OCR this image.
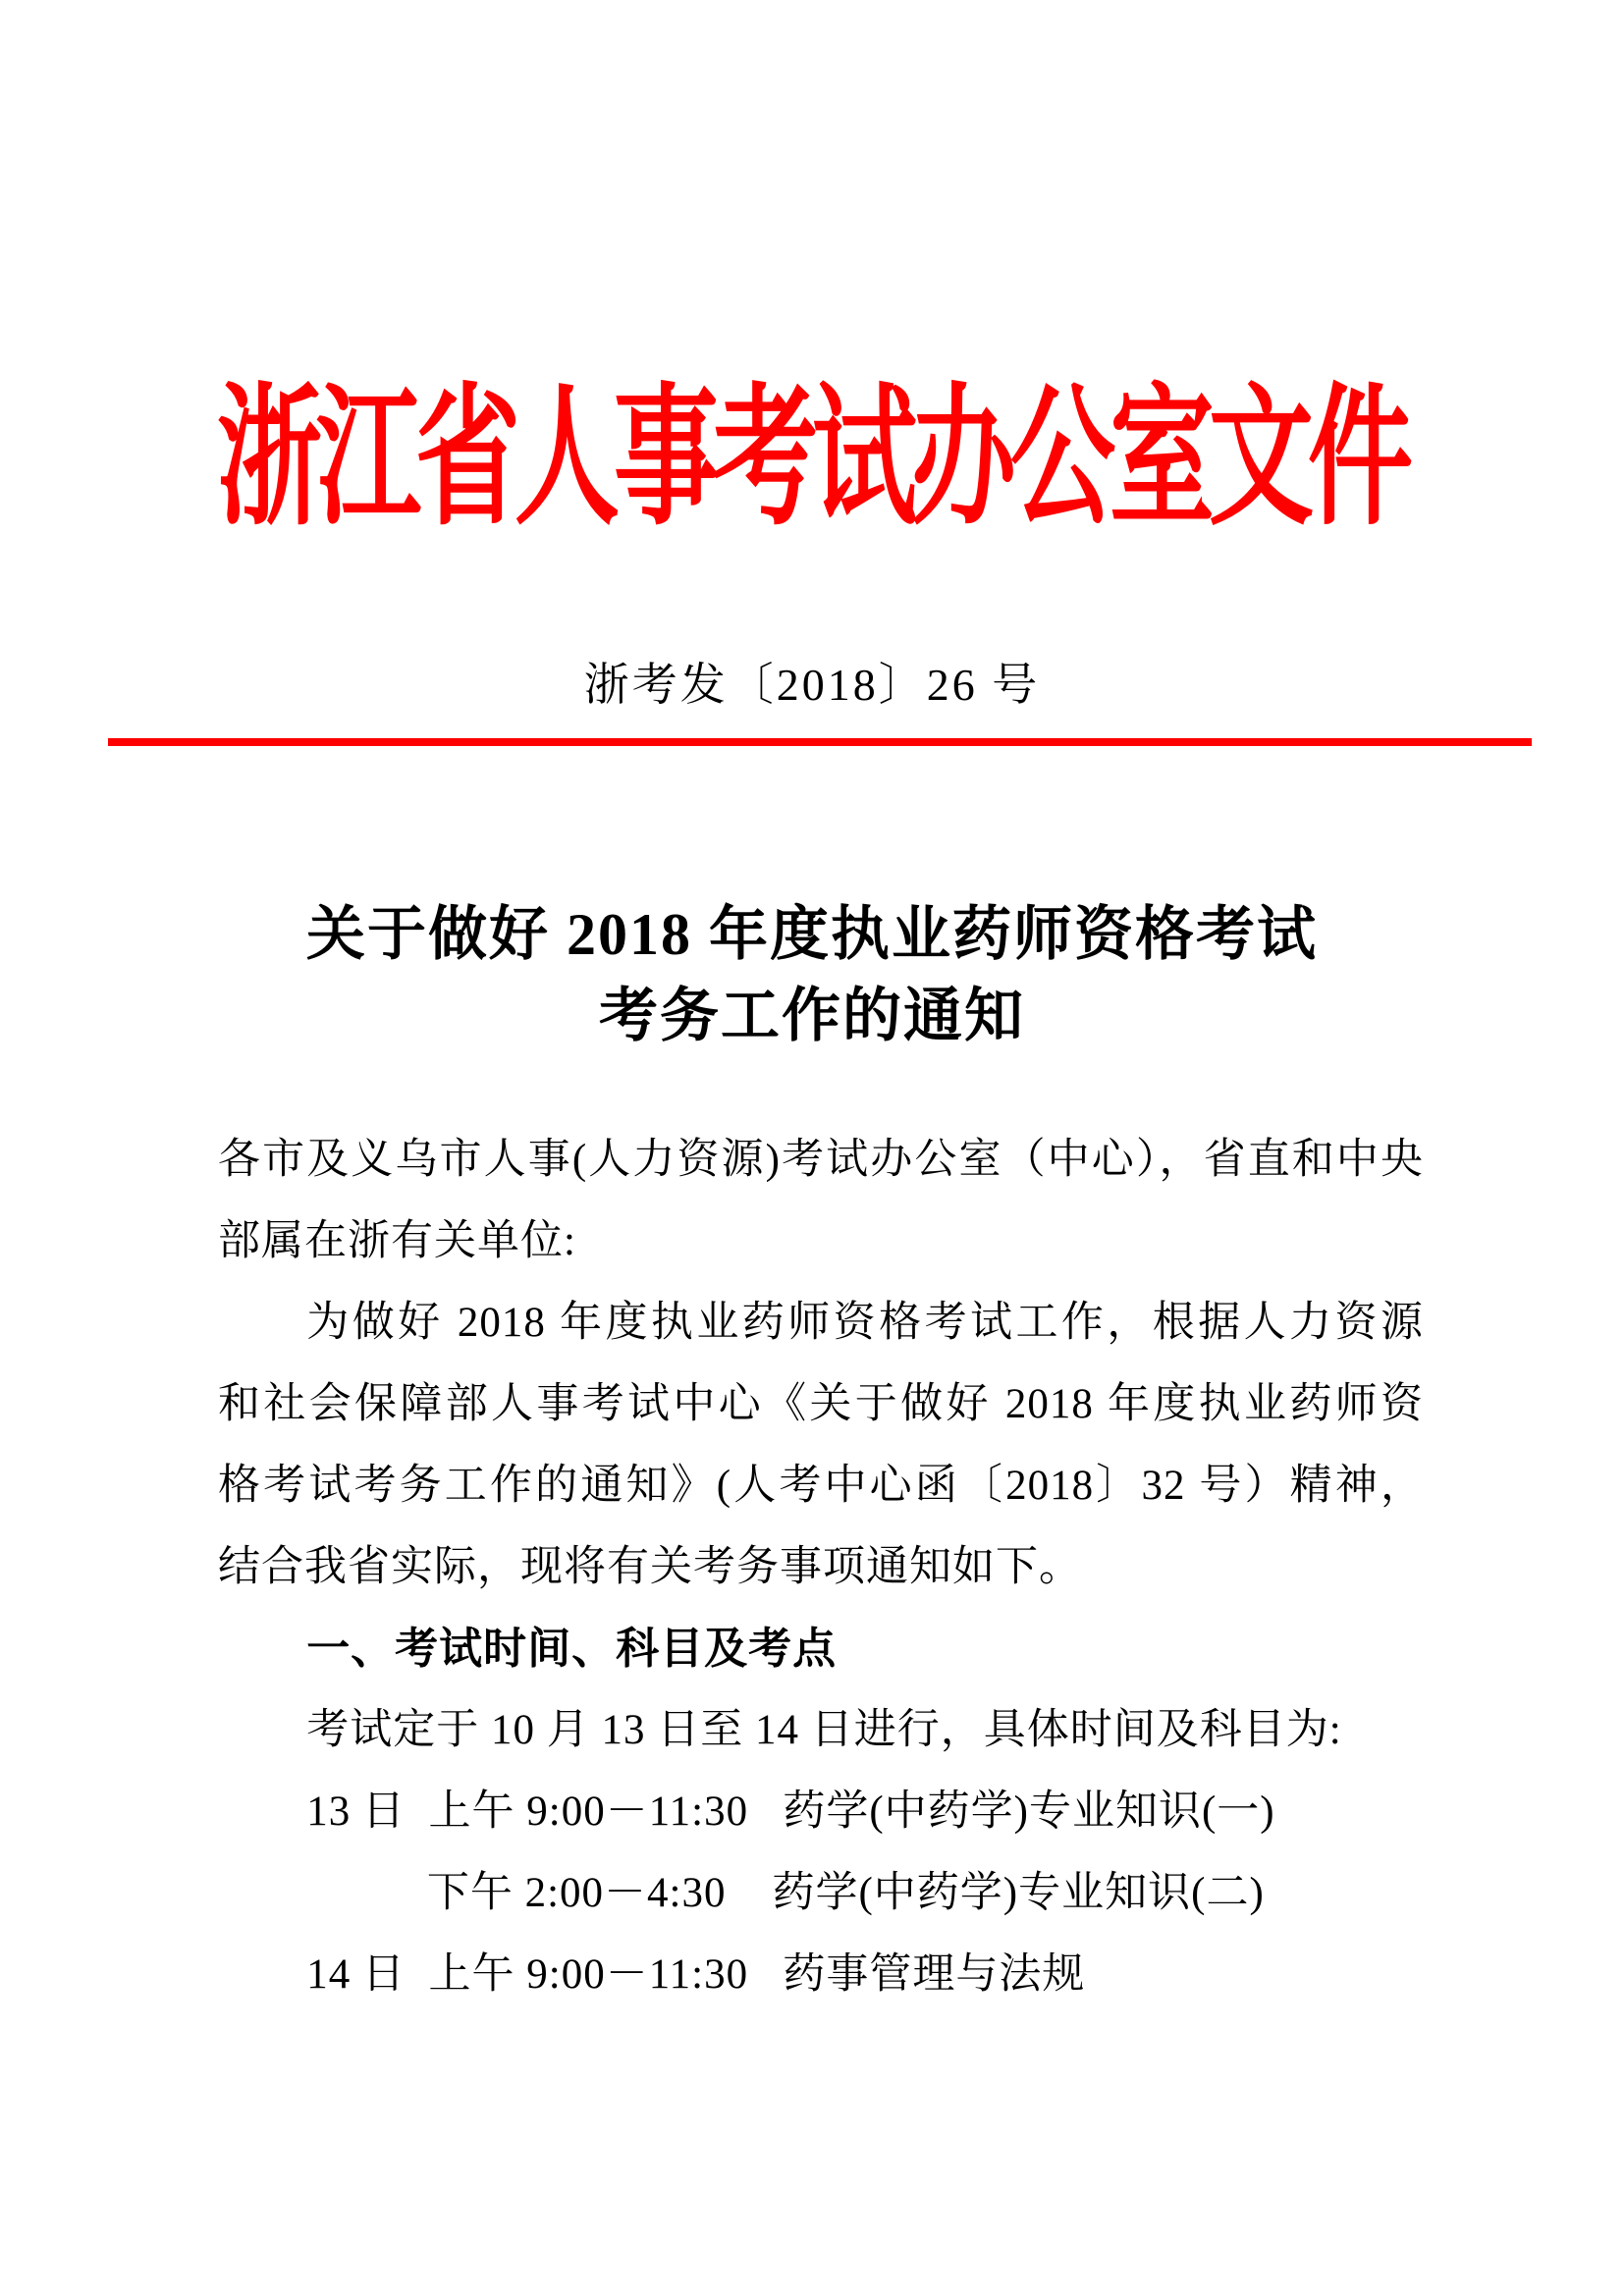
浙江省人事考试办公室文件
浙考发〔2018〕26 号
关于做好 2018 年度执业药师资格考试
考务工作的通知
各市及义乌市人事(人力资源)考试办公室（中心），省直和中央
部属在浙有关单位:
为做好 2018 年度执业药师资格考试工作，根据人力资源
和社会保障部人事考试中心《关于做好 2018 年度执业药师资
格考试考务工作的通知》(人考中心函〔2018〕32 号）精神，
结合我省实际，现将有关考务事项通知如下。
一、考试时间、科目及考点
考试定于 10 月 13 日至 14 日进行，具体时间及科目为:
13 日  上午 9:00－11:30   药学(中药学)专业知识(一)
下午 2:00－4:30    药学(中药学)专业知识(二)
14 日  上午 9:00－11:30   药事管理与法规
